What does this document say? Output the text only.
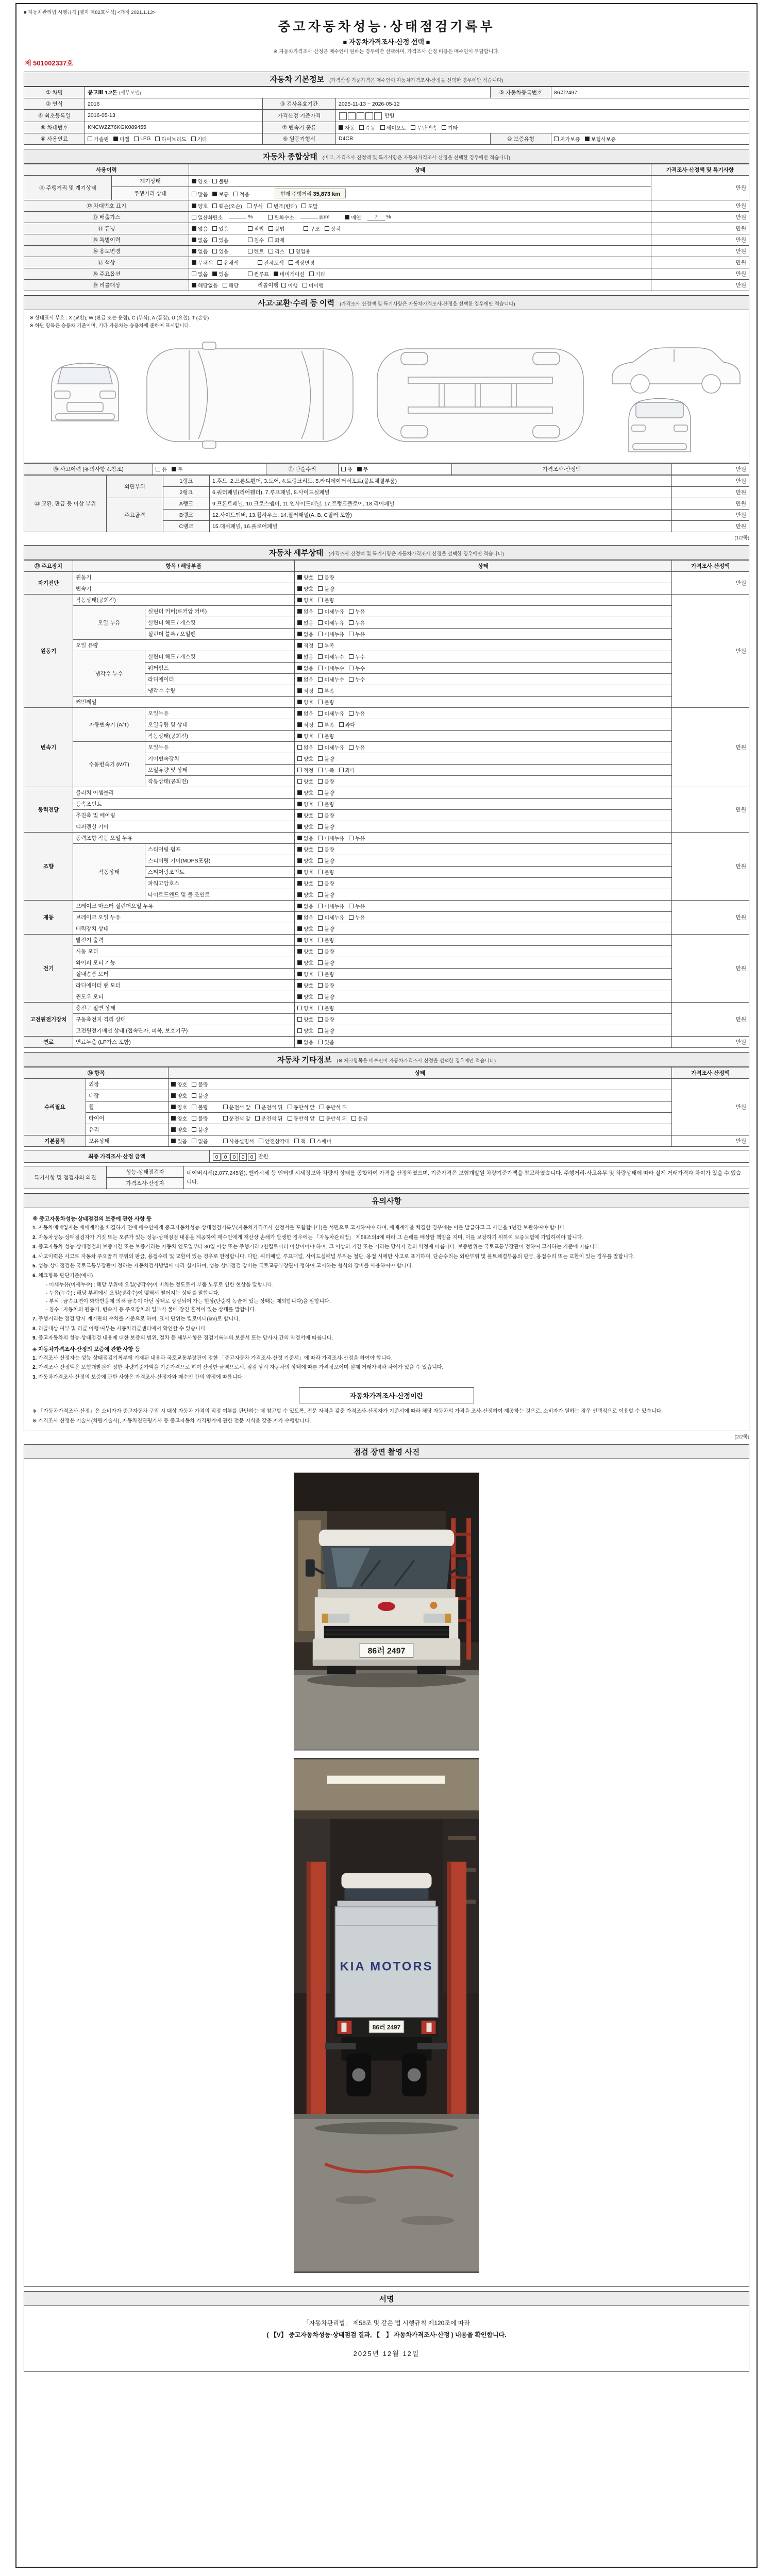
■ 자동차관리법 시행규칙 [별지 제82호서식] <개정 2021.1.13>
중고자동차성능·상태점검기록부
■ 자동차가격조사·산정 선택 ■
※ 자동차가격조사·산정은 매수인이 원하는 경우에만 선택하며, 가격조사·산정 비용은 매수인이 부담합니다.
제 501002337호
자동차 기본정보 (가격산정 기준가격은 매수인이 자동차가격조사·산정을 선택한 경우에만 적습니다)
① 차명	봉고Ⅲ 1.2톤 (세부모델)			⑤ 자동차등록번호	86러2497
② 연식	2016	③ 검사유효기간	2025-11-13 ~ 2026-05-12		
④ 최초등록일	2016-05-13	가격산정 기준가격	만원		
⑥ 차대번호	KNCWZZ76KGK089455	⑦ 변속기 종류	자동 수동 세미오토 무단변속 기타		

⑧ 사용연료	가솔린 디젤 LPG 하이브리드 기타	⑨ 원동기형식	D4CB	⑩ 보증유형	자가보증 보험사보증
자동차 종합상태 (비고, 가격조사·산정액 및 특기사항은 자동차가격조사·산정을 선택한 경우에만 적습니다)
사용이력		상태	가격조사·산정액 및 특기사항
⑪ 주행거리 및 계기상태	계기상태	양호 불량	만원
	주행거리 상태	많음 보통 적음 현재 주행거리 35,873 km	
⑫ 차대번호 표기		양호 훼손(오손) 부식 변조(변타) 도말	만원
⑬ 배출가스	일산화탄소	%	탄화수소	ppm	매연	7 %	만원
⑭ 튜닝	없음 있음	적법 불법	구조 장치	만원
⑮ 특별이력		없음 있음 침수 화재	만원
⑯ 용도변경		없음 있음 렌트 리스 영업용	만원
⑰ 색상		무채색 유채색 전체도색 색상변경	만원
⑱ 주요옵션		없음 있음 썬루프 네비게이션 기타	만원
⑲ 리콜대상		해당없음 해당 리콜이행 이행 미이행	만원
사고·교환·수리 등 이력 (가격조사·산정액 및 특기사항은 자동차가격조사·산정을 선택한 경우에만 적습니다)
※ 상태표시 부호 : X (교환), W (판금 또는 용접), C (부식), A (흠집), U (요철), T (손상)
※ 하단 항목은 승용차 기준이며, 기타 자동차는 승용차에 준하여 표시합니다.
⑳ 사고이력 (유의사항 4.참조)	유 무	㉑ 단순수리	유 무	가격조사·산정액	만원
㉒ 교환, 판금 등 이상 부위	외판부위	1랭크	1.후드, 2.프론트휀더, 3.도어, 4.트렁크리드, 5.라디에이터서포트(볼트체결부품)	만원
		2랭크	6.쿼터패널(리어휀더), 7.루프패널, 8.사이드실패널	만원
	주요골격	A랭크	9.프론트패널, 10.크로스멤버, 11.인사이드패널, 17.트렁크플로어, 18.리어패널	만원
		B랭크	12.사이드멤버, 13.휠하우스, 14.필러패널(A, B, C필러 포함)	만원
		C랭크	15.대쉬패널, 16.플로어패널	만원
(1/2쪽)
자동차 세부상태 (가격조사·산정액 및 특기사항은 자동차가격조사·산정을 선택한 경우에만 적습니다)
㉓ 주요장치	항목 / 해당부품		상태	가격조사·산정액
자기진단	원동기		양호 불량	만원
	변속기		양호 불량	

원동기	작동상태(공회전)		양호 불량	만원
	오일 누유	실린더 커버(로커암 커버)	없음 미세누유 누유	

		실린더 헤드 / 개스킷	없음 미세누유 누유	

		실린더 블록 / 오일팬	없음 미세누유 누유	

	오일 유량		적정 부족	

	냉각수 누수	실린더 헤드 / 개스킷	없음 미세누수 누수	

		워터펌프	없음 미세누수 누수	

		라디에이터	없음 미세누수 누수	

		냉각수 수량	적정 부족	

	커먼레일		양호 불량	

변속기	자동변속기 (A/T)	오일누유	없음 미세누유 누유	만원
		오일유량 및 상태	적정 부족 과다	

		작동상태(공회전)	양호 불량	

	수동변속기 (M/T)	오일누유	없음 미세누유 누유	

		기어변속장치	양호 불량	

		오일유량 및 상태	적정 부족 과다	

		작동상태(공회전)	양호 불량	

동력전달	클러치 어셈블리		양호 불량	만원
	등속조인트		양호 불량	

	추진축 및 베어링		양호 불량	

	디퍼렌셜 기어		양호 불량	

조향	동력조향 작동 오일 누유		없음 미세누유 누유	만원
	작동상태	스티어링 펌프	양호 불량	

		스티어링 기어(MDPS포함)	양호 불량	

		스티어링조인트	양호 불량	

		파워고압호스	양호 불량	

		타이로드엔드 및 볼 조인트	양호 불량	

제동	브레이크 마스터 실린더오일 누유		없음 미세누유 누유	만원
	브레이크 오일 누유		없음 미세누유 누유	

	배력장치 상태		양호 불량	

전기	발전기 출력		양호 불량	만원
	시동 모터		양호 불량	

	와이퍼 모터 기능		양호 불량	

	실내송풍 모터		양호 불량	

	라디에이터 팬 모터		양호 불량	

	윈도우 모터		양호 불량	

고전원전기장치	충전구 절연 상태		양호 불량	만원
	구동축전지 격리 상태		양호 불량	

	고전원전기배선 상태 (접속단자, 피복, 보호기구)		양호 불량	

연료	연료누출 (LP가스 포함)		없음 있음	만원
자동차 기타정보 (※ 체크항목은 매수인이 자동차가격조사·산정을 선택한 경우에만 적습니다)
㉔ 항목		상태	가격조사·산정액
수리필요	외장	양호 불량	만원
	내장	양호 불량	

휠	양호 불량	운전석 앞 운전석 뒤 동반석 앞 동반석 뒤

타이어	양호 불량	운전석 앞 운전석 뒤 동반석 앞 동반석 뒤 응급

	유리	양호 불량	

기본품목	보유상태	있음 없음	사용설명서 안전삼각대 잭 스패너	만원
최종 가격조사·산정 금액	0 0 0 0 0 만원
특기사항 및 점검자의 의견	성능·상태점검자	네이버시세(2,077,245원), 엔카시세 등 인터넷 시세정보와 차량의 상태를 종합하여 가격을 산정하였으며, 기준가격은 보험개발원 차량기준가액을 참고하였습니다. 주행거리·사고유무 및 차량상태에 따라 실제 거래가격과 차이가 있을 수 있습니다.
가격조사·산정자
유의사항

※ 중고자동차성능·상태점검의 보증에 관한 사항 등

1. 자동차매매업자는 매매계약을 체결하기 전에 매수인에게 중고자동차성능·상태점검기록부(자동차가격조사·산정서를 포함합니다)를 서면으로 고지하여야 하며, 매매계약을 체결한 경우에는 이를 발급하고 그 사본을 1년간 보관하여야 합니다.

2. 자동차성능·상태점검자가 거짓 또는 오류가 있는 성능·상태점검 내용을 제공하여 매수인에게 재산상 손해가 발생한 경우에는 「자동차관리법」 제58조의4에 따라 그 손해를 배상할 책임을 지며, 이를 보장하기 위하여 보증보험에 가입하여야 합니다.

3. 중고자동차 성능·상태점검의 보증기간 또는 보증거리는 자동차 인도일부터 30일 이상 또는 주행거리 2천킬로미터 이상이어야 하며, 그 이상의 기간 또는 거리는 당사자 간의 약정에 따릅니다. 보증범위는 국토교통부장관이 정하여 고시하는 기준에 따릅니다.

4. 사고이력은 사고로 자동차 주요골격 부위의 판금, 용접수리 및 교환이 있는 경우로 한정합니다. 다만, 쿼터패널, 루프패널, 사이드실패널 부위는 절단, 용접 시에만 사고로 표기하며, 단순수리는 외판부위 및 볼트체결부품의 판금, 용접수리 또는 교환이 있는 경우를 말합니다.

5. 성능·상태점검은 국토교통부장관이 정하는 자동차검사방법에 따라 실시하며, 성능·상태점검 장비는 국토교통부장관이 정하여 고시하는 형식의 장비를 사용하여야 합니다.

6. 체크항목 판단기준(예시)

- 미세누유(미세누수) : 해당 부위에 오일(냉각수)이 비치는 정도로서 부품 노후로 인한 현상을 말합니다.

- 누유(누수) : 해당 부위에서 오일(냉각수)이 맺혀서 떨어지는 상태를 말합니다.

- 부식 : 금속표면이 화학반응에 의해 금속이 아닌 상태로 상실되어 가는 현상(단순히 녹슬어 있는 상태는 제외합니다)을 말합니다.

- 침수 : 자동차의 원동기, 변속기 등 주요장치의 일부가 물에 잠긴 흔적이 있는 상태를 말합니다.

7. 주행거리는 점검 당시 계기판의 수치를 기준으로 하며, 표시 단위는 킬로미터(km)로 합니다.

8. 리콜대상 여부 및 리콜 이행 여부는 자동차리콜센터에서 확인할 수 있습니다.

9. 중고자동차의 성능·상태점검 내용에 대한 보증의 범위, 절차 등 세부사항은 점검기록부의 보증서 또는 당사자 간의 약정서에 따릅니다.

◈ 자동차가격조사·산정의 보증에 관한 사항 등

1. 가격조사·산정자는 성능·상태점검기록부에 기재된 내용과 국토교통부장관이 정한 「중고자동차 가격조사·산정 기준서」에 따라 가격조사·산정을 하여야 합니다.

2. 가격조사·산정액은 보험개발원이 정한 차량기준가액을 기준가격으로 하여 산정한 금액으로서, 점검 당시 자동차의 상태에 따른 가격정보이며 실제 거래가격과 차이가 있을 수 있습니다.

3. 자동차가격조사·산정의 보증에 관한 사항은 가격조사·산정자와 매수인 간의 약정에 따릅니다.

자동차가격조사·산정이란

※ 「자동차가격조사·산정」은 소비자가 중고자동차 구입 시 대상 자동차 가격의 적정 여부를 판단하는 데 참고할 수 있도록, 전문 자격을 갖춘 가격조사·산정자가 기준서에 따라 해당 자동차의 가격을 조사·산정하여 제공하는 것으로, 소비자가 원하는 경우 선택적으로 이용할 수 있습니다.

※ 가격조사·산정은 기술사(차량기술사), 자동차진단평가사 등 중고자동차 가격평가에 관한 전문 지식을 갖춘 자가 수행합니다.

(2/2쪽)
점검 장면 촬영 사진
86러 2497
KIA MOTORS
86러 2497
서명
「자동차관리법」 제58조 및 같은 법 시행규칙 제120조에 따라
( 【V】 중고자동차성능·상태점검 결과, 【　】 자동차가격조사·산정 ) 내용을 확인합니다.
2025년 12월 12일
